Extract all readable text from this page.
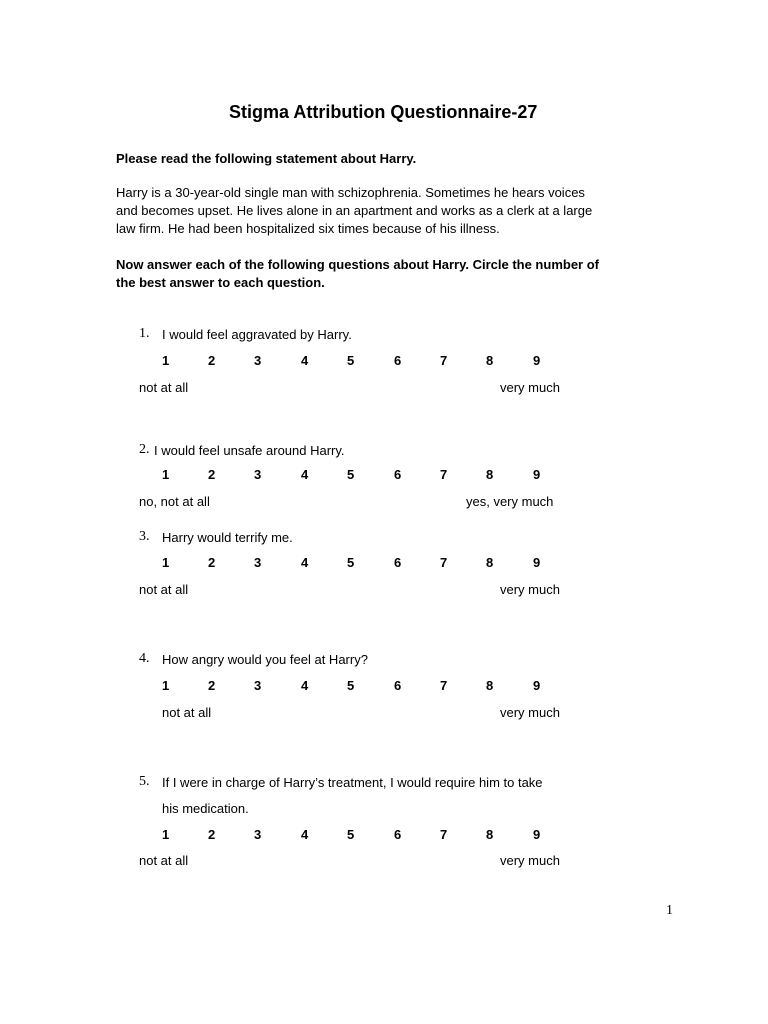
Stigma Attribution Questionnaire-27
Please read the following statement about Harry.
Harry is a 30-year-old single man with schizophrenia. Sometimes he hears voices
and becomes upset. He lives alone in an apartment and works as a clerk at a large
law firm. He had been hospitalized six times because of his illness.
Now answer each of the following questions about Harry. Circle the number of
the best answer to each question.
1. I would feel aggravated by Harry.
1	2	3	4	5	6	7	8	9
not at all	very much
2. I would feel unsafe around Harry.
1	2	3	4	5	6	7	8	9
no, not at all	yes, very much
3. Harry would terrify me.
1	2	3	4	5	6	7	8	9
not at all	very much
4. How angry would you feel at Harry?
1	2	3	4	5	6	7	8	9
not at all	very much
5. If I were in charge of Harry’s treatment, I would require him to take
his medication.
1	2	3	4	5	6	7	8	9
not at all	very much
1
